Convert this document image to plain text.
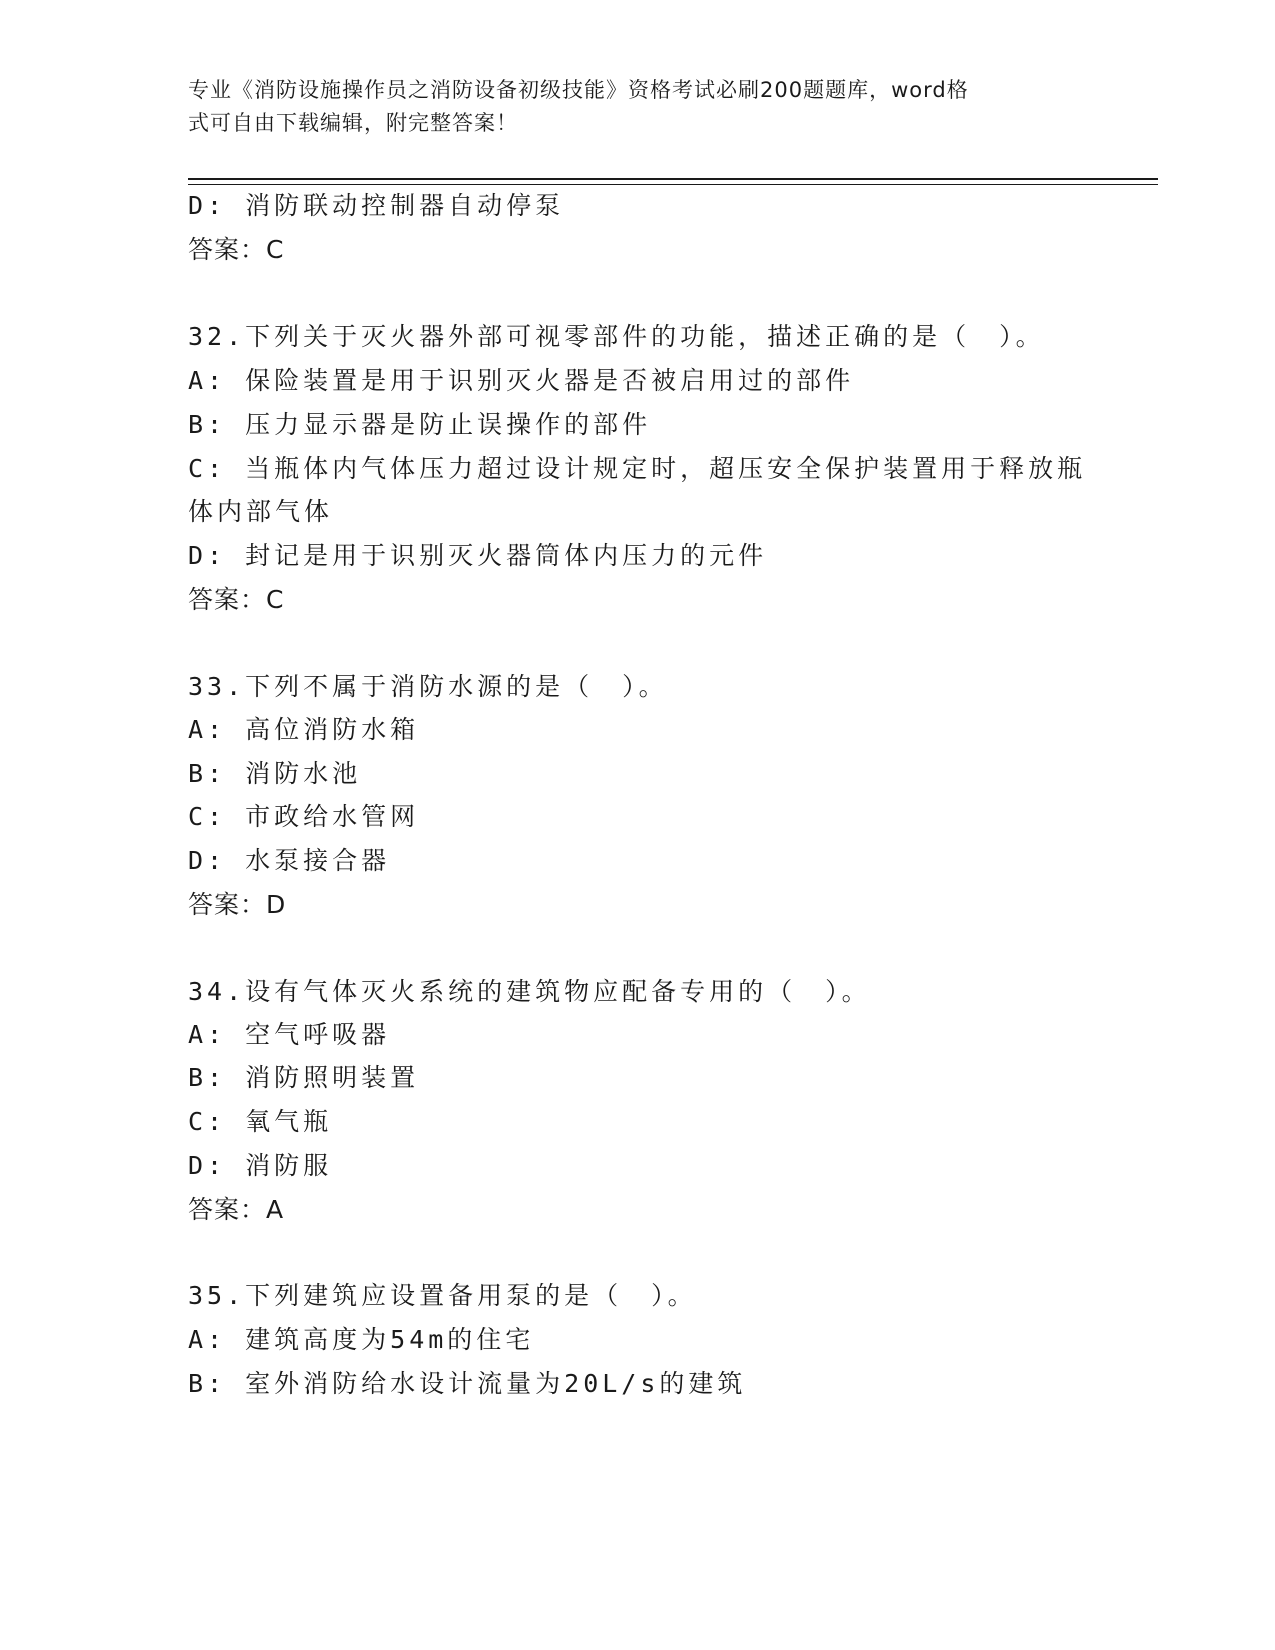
专业《消防设施操作员之消防设备初级技能》资格考试必刷200题题库，word格
式可自由下载编辑，附完整答案！
D: 消防联动控制器自动停泵
答案：C
32.下列关于灭火器外部可视零部件的功能，描述正确的是（　）。
A: 保险装置是用于识别灭火器是否被启用过的部件
B: 压力显示器是防止误操作的部件
C: 当瓶体内气体压力超过设计规定时，超压安全保护装置用于释放瓶
体内部气体
D: 封记是用于识别灭火器筒体内压力的元件
答案：C
33.下列不属于消防水源的是（　）。
A: 高位消防水箱
B: 消防水池
C: 市政给水管网
D: 水泵接合器
答案：D
34.设有气体灭火系统的建筑物应配备专用的（　）。
A: 空气呼吸器
B: 消防照明装置
C: 氧气瓶
D: 消防服
答案：A
35.下列建筑应设置备用泵的是（　）。
A: 建筑高度为54m的住宅
B: 室外消防给水设计流量为20L/s的建筑
